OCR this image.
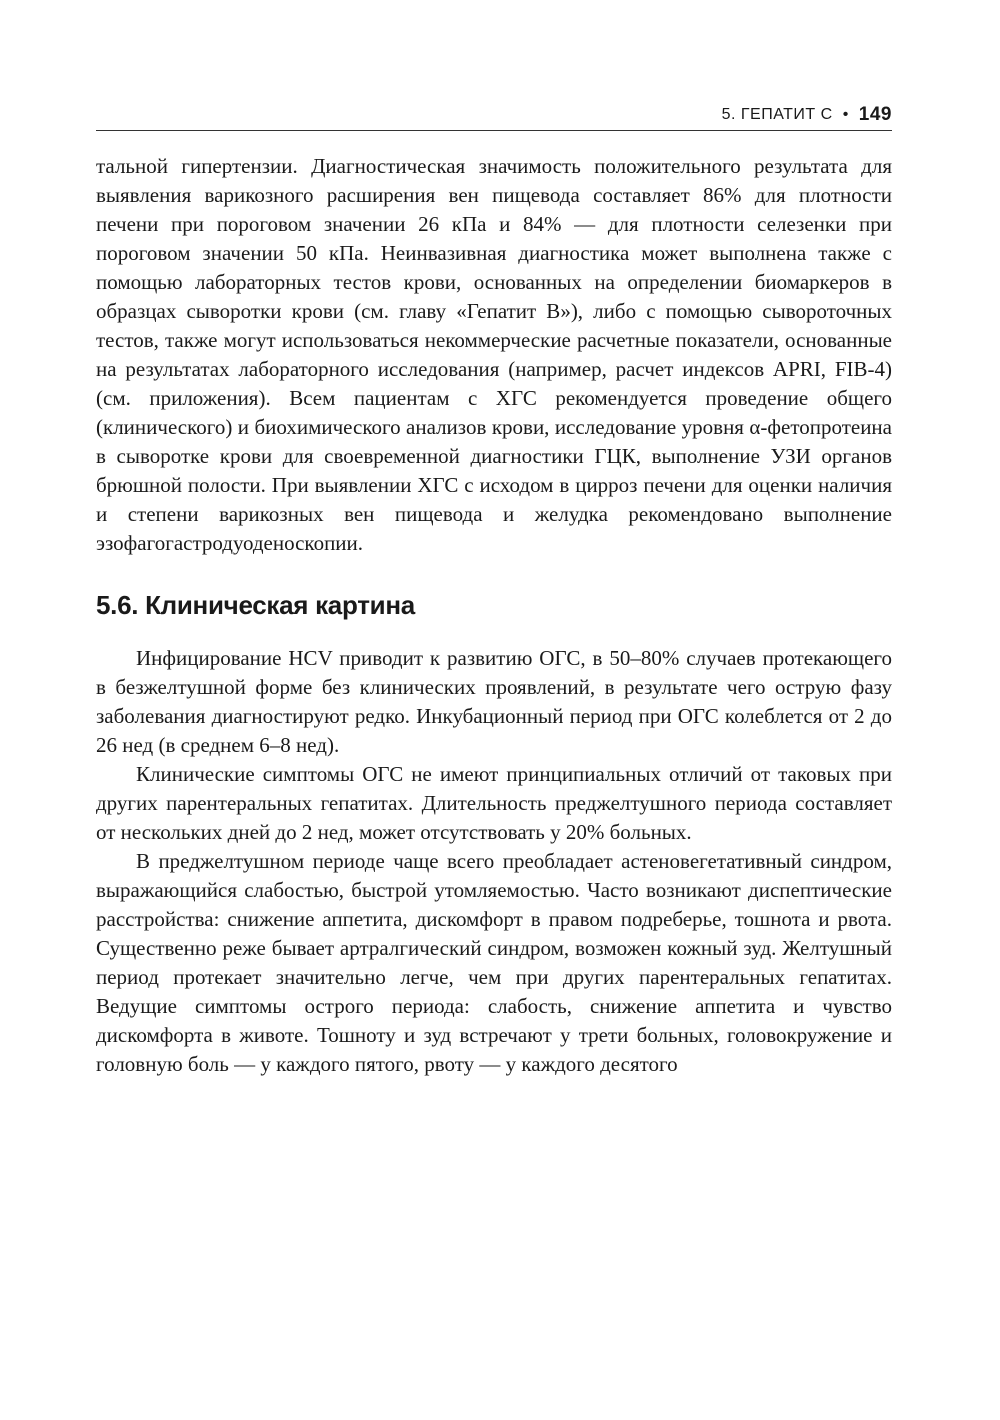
5. ГЕПАТИТ С • 149

тальной гипертензии. Диагностическая значимость положительного результата для выявления варикозного расширения вен пищевода составляет 86% для плотности печени при пороговом значении 26 кПа и 84% — для плотности селезенки при пороговом значении 50 кПа. Неинвазивная диагностика может выполнена также с помощью лабораторных тестов крови, основанных на определении биомаркеров в образцах сыворотки крови (см. главу «Гепатит В»), либо с помощью сывороточных тестов, также могут использоваться некоммерческие расчетные показатели, основанные на результатах лабораторного исследования (например, расчет индексов APRI, FIB-4) (см. приложения). Всем пациентам с ХГС рекомендуется проведение общего (клинического) и биохимического анализов крови, исследование уровня α-фетопротеина в сыворотке крови для своевременной диагностики ГЦК, выполнение УЗИ органов брюшной полости. При выявлении ХГС с исходом в цирроз печени для оценки наличия и степени варикозных вен пищевода и желудка рекомендовано выполнение эзофагогастродуоденоскопии.

5.6. Клиническая картина

Инфицирование HCV приводит к развитию ОГС, в 50–80% случаев протекающего в безжелтушной форме без клинических проявлений, в результате чего острую фазу заболевания диагностируют редко. Инкубационный период при ОГС колеблется от 2 до 26 нед (в среднем 6–8 нед).

Клинические симптомы ОГС не имеют принципиальных отличий от таковых при других парентеральных гепатитах. Длительность преджелтушного периода составляет от нескольких дней до 2 нед, может отсутствовать у 20% больных.

В преджелтушном периоде чаще всего преобладает астеновегетативный синдром, выражающийся слабостью, быстрой утомляемостью. Часто возникают диспептические расстройства: снижение аппетита, дискомфорт в правом подреберье, тошнота и рвота. Существенно реже бывает артралгический синдром, возможен кожный зуд. Желтушный период протекает значительно легче, чем при других парентеральных гепатитах. Ведущие симптомы острого периода: слабость, снижение аппетита и чувство дискомфорта в животе. Тошноту и зуд встречают у трети больных, головокружение и головную боль — у каждого пятого, рвоту — у каждого десятого
